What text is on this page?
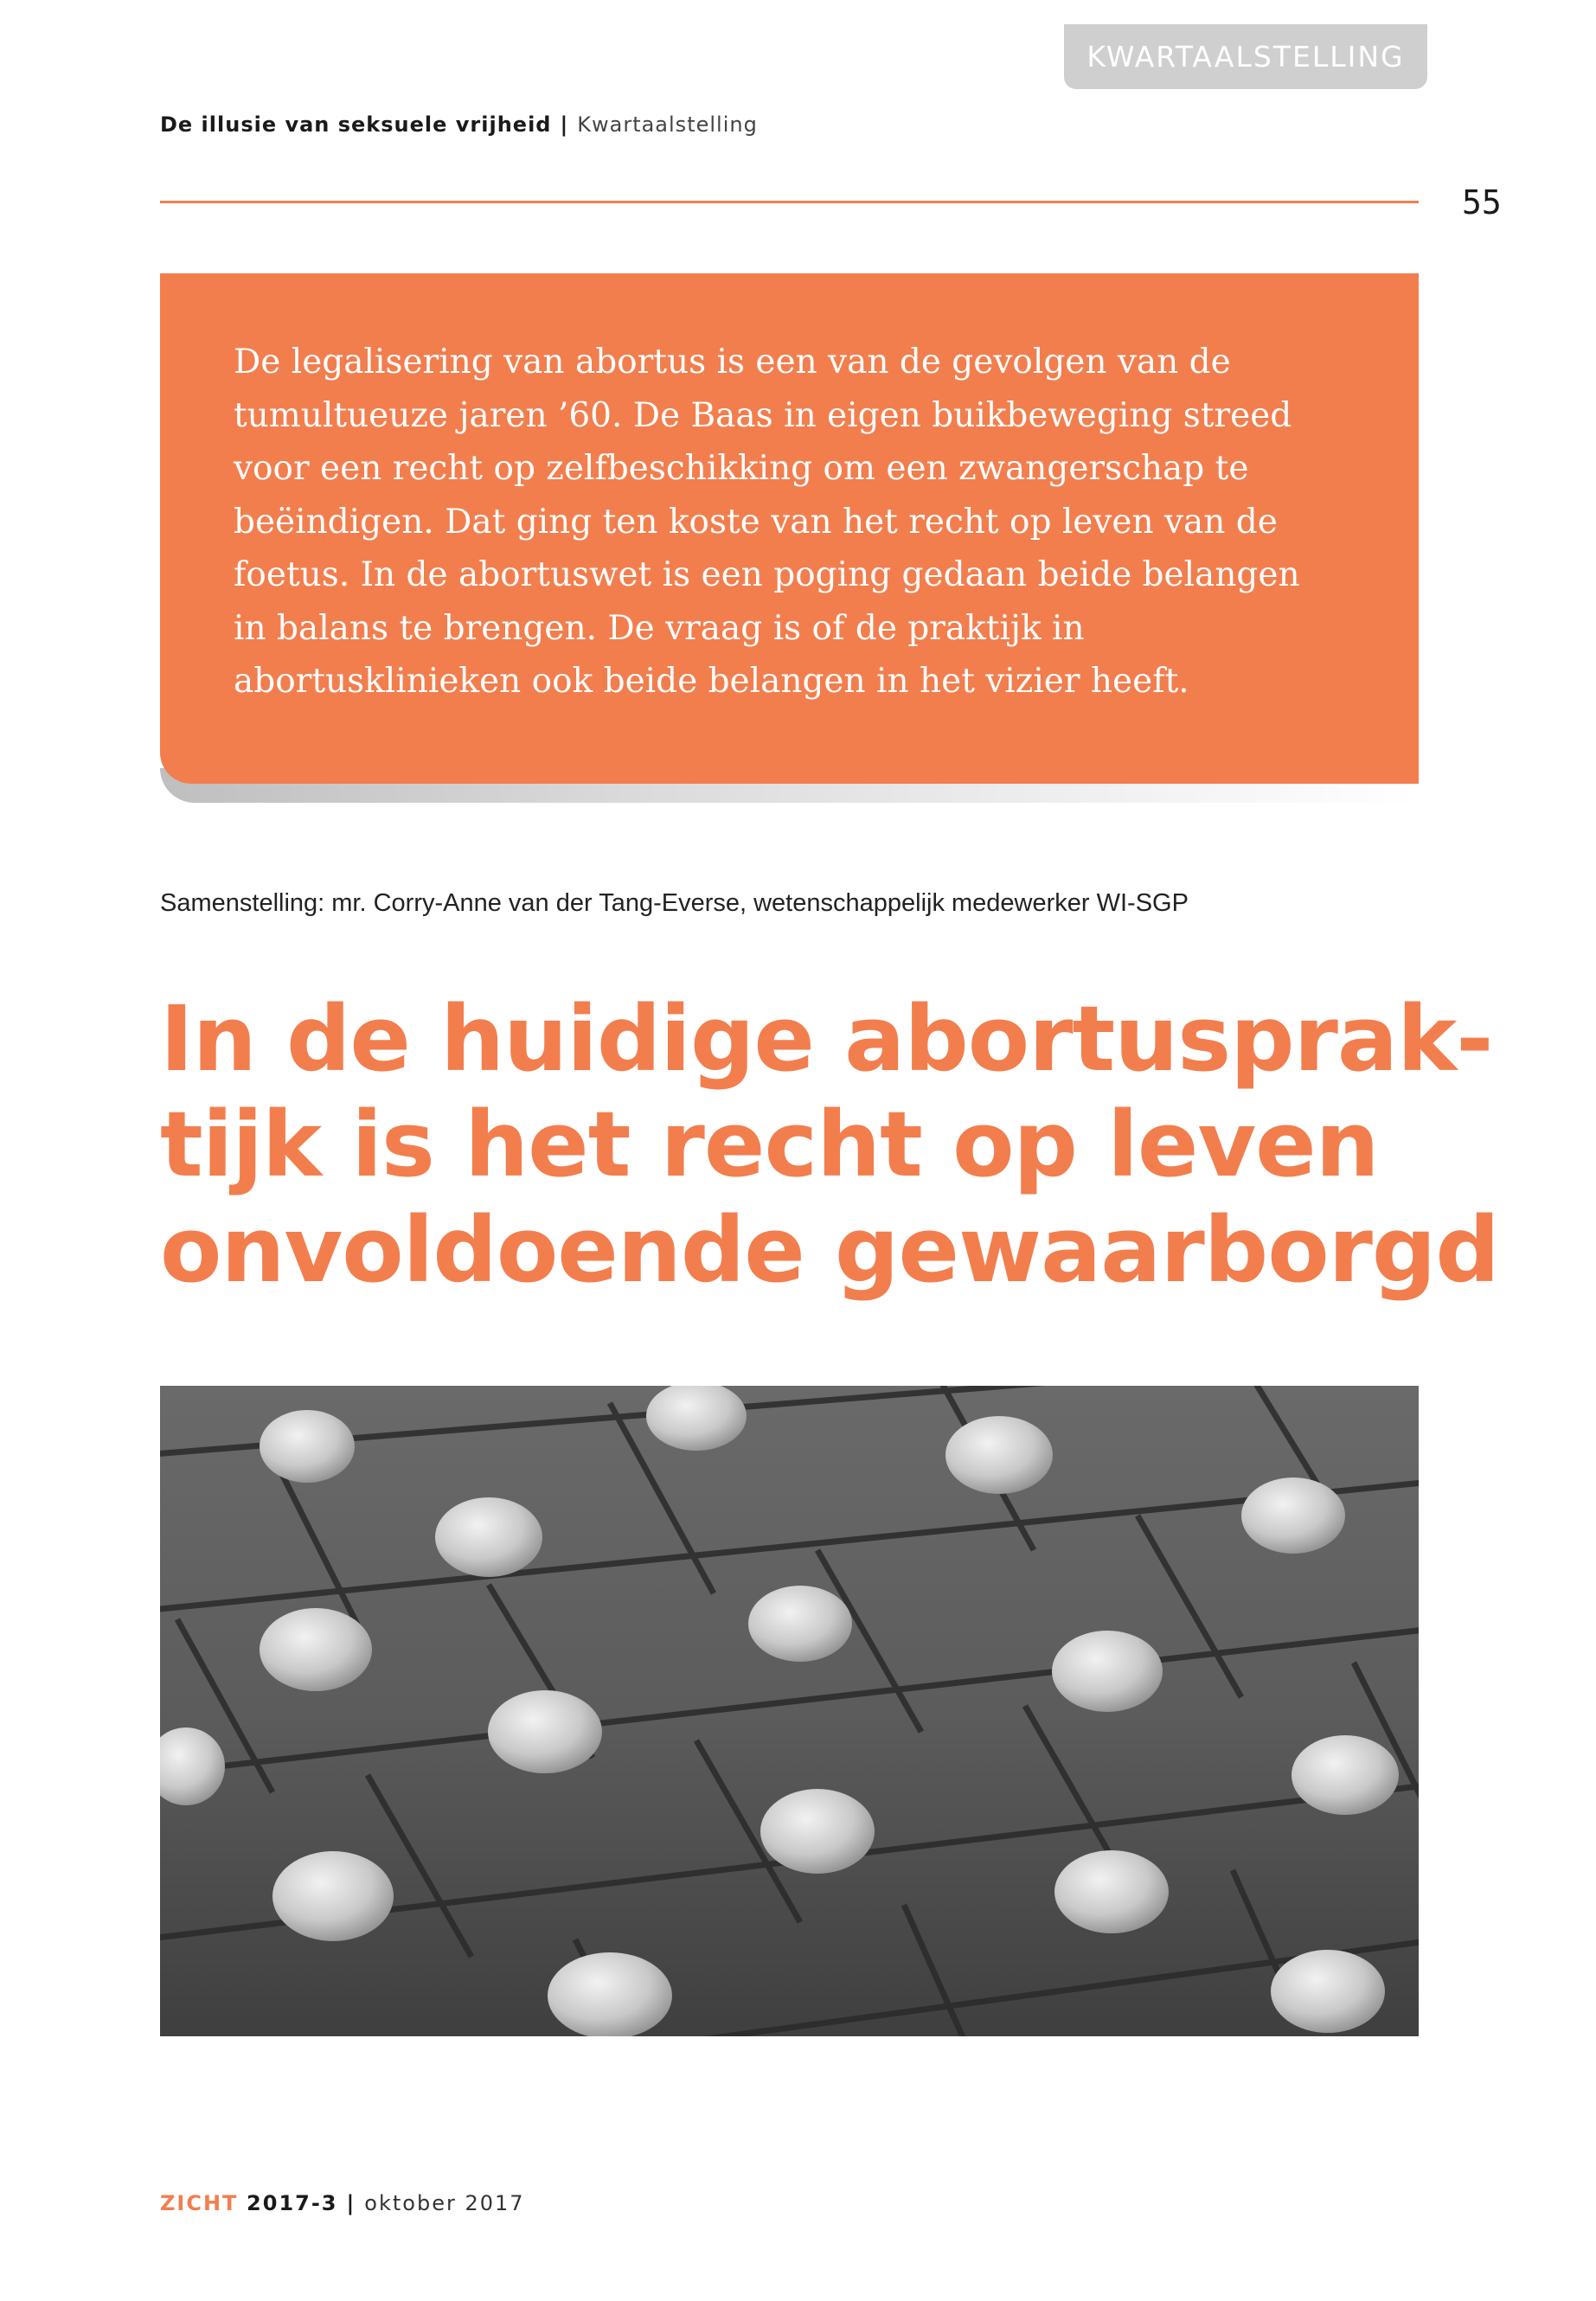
KWARTAALSTELLING
De illusie van seksuele vrijheid | Kwartaalstelling
55

De legalisering van abortus is een van de gevolgen van de tumultueuze jaren ’60. De Baas in eigen buikbeweging streed voor een recht op zelfbeschikking om een zwangerschap te beëindigen. Dat ging ten koste van het recht op leven van de foetus. In de abortuswet is een poging gedaan beide belangen in balans te brengen. De vraag is of de praktijk in abortusklinieken ook beide belangen in het vizier heeft.

Samenstelling: mr. Corry-Anne van der Tang-Everse, wetenschappelijk medewerker WI-SGP
In de huidige abortusprak-
tijk is het recht op leven
onvoldoende gewaarborgd
ZICHT 2017-3 | oktober 2017
